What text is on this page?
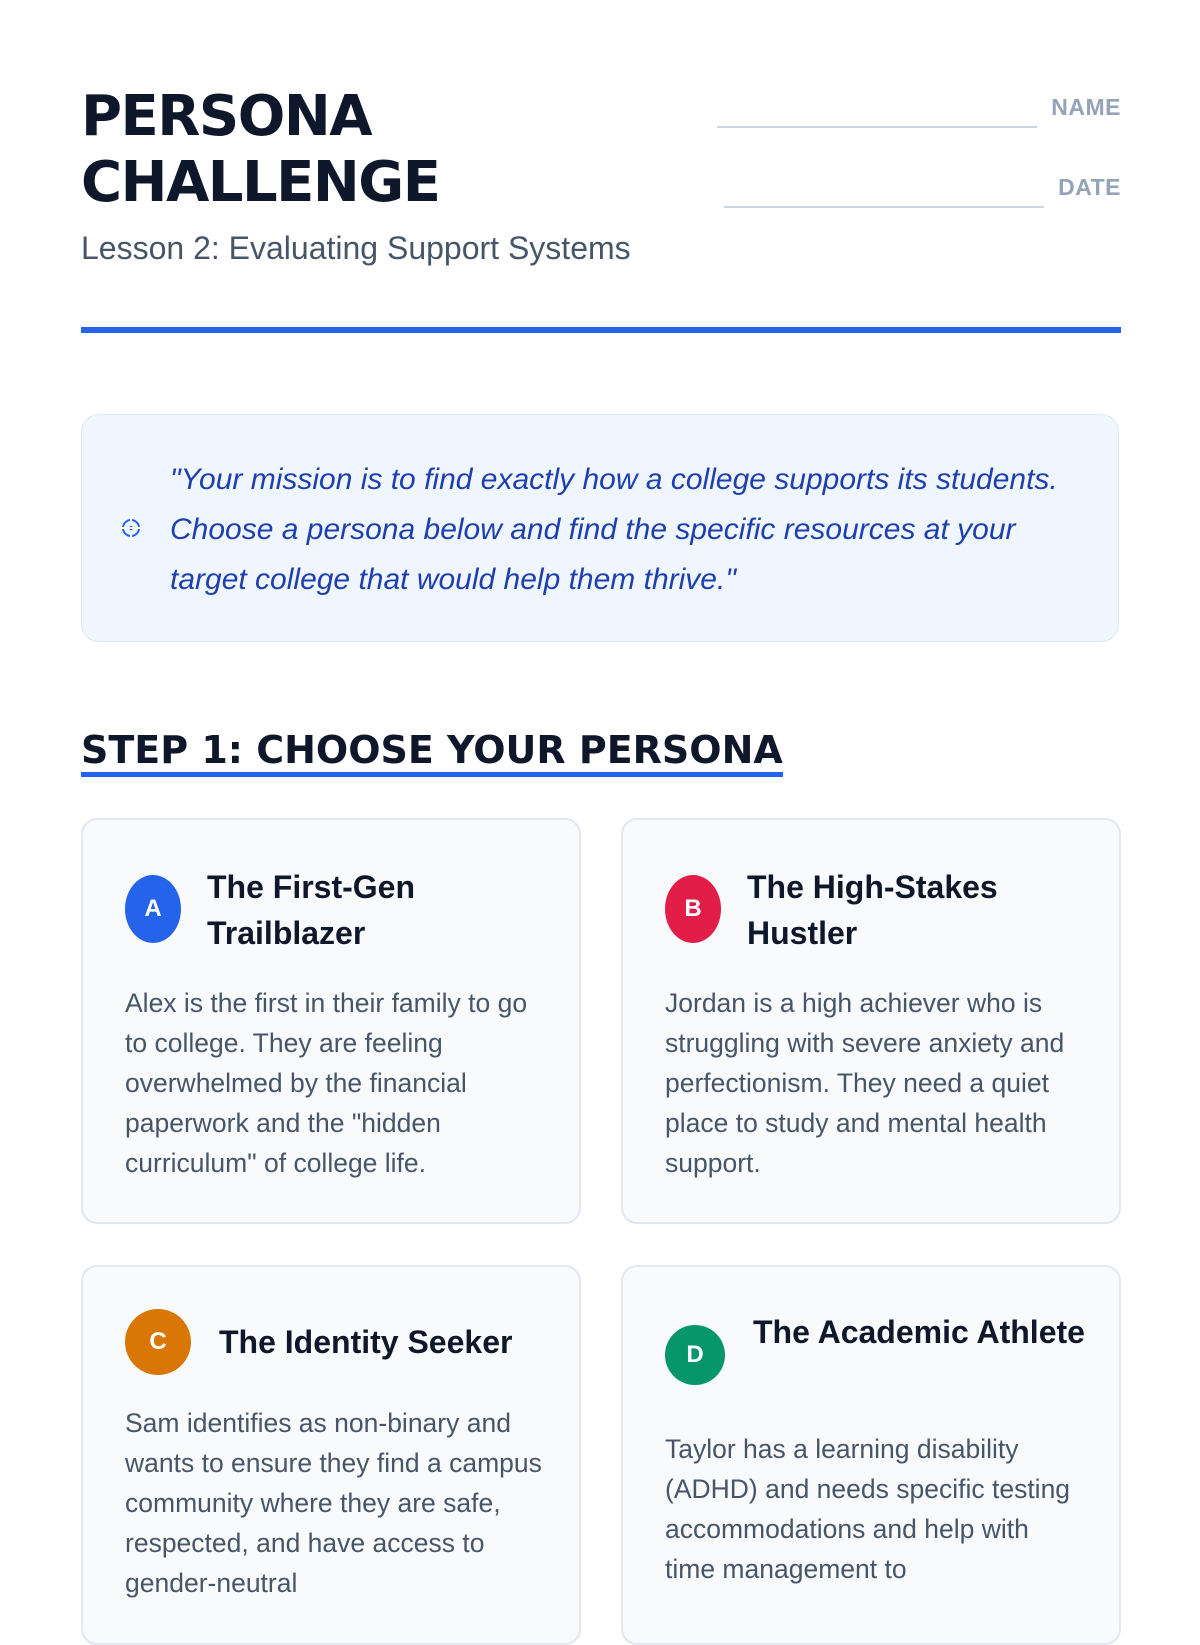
PERSONA
CHALLENGE

Lesson 2: Evaluating Support Systems

NAME
DATE

"Your mission is to find exactly how a college supports its students. Choose a persona below and find the specific resources at your target college that would help them thrive."

STEP 1: CHOOSE YOUR PERSONA
A
The First-Gen Trailblazer

Alex is the first in their family to go to college. They are feeling overwhelmed by the financial paperwork and the "hidden curriculum" of college life.

B
The High-Stakes Hustler

Jordan is a high achiever who is struggling with severe anxiety and perfectionism. They need a quiet place to study and mental health support.

C	The Identity Seeker

Sam identifies as non-binary and wants to ensure they find a campus community where they are safe, respected, and have access to gender-neutral

D
The Academic Athlete

Taylor has a learning disability (ADHD) and needs specific testing accommodations and help with time management to
